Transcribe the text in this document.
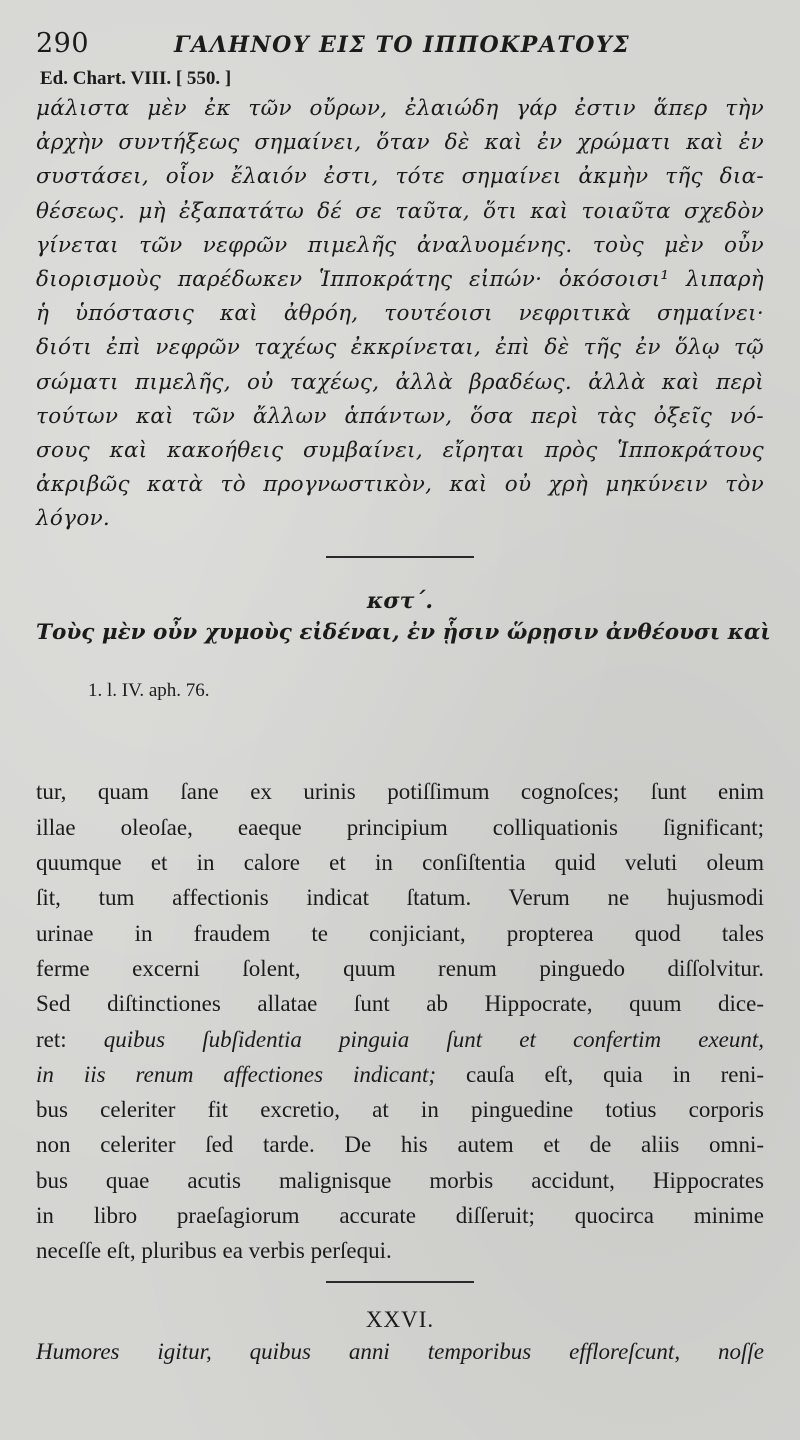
290	ΓΑΛΗΝΟΥ ΕΙΣ ΤΟ ΙΠΠΟΚΡΑΤΟΥΣ
Ed. Chart. VIII. [ 550. ]
μάλιστα μὲν ἐκ τῶν οὔρων, ἐλαιώδη γάρ ἐστιν ἅπερ τὴν
ἀρχὴν συντήξεως σημαίνει, ὅταν δὲ καὶ ἐν χρώματι καὶ ἐν
συστάσει, οἷον ἔλαιόν ἐστι, τότε σημαίνει ἀκμὴν τῆς δια-
θέσεως. μὴ ἐξαπατάτω δέ σε ταῦτα, ὅτι καὶ τοιαῦτα σχεδὸν
γίνεται τῶν νεφρῶν πιμελῆς ἀναλυομένης. τοὺς μὲν οὖν
διορισμοὺς παρέδωκεν Ἱπποκράτης εἰπών· ὁκόσοισι¹ λιπαρὴ
ἡ ὑπόστασις καὶ ἀθρόη, τουτέοισι νεφριτικὰ σημαίνει·
διότι ἐπὶ νεφρῶν ταχέως ἐκκρίνεται, ἐπὶ δὲ τῆς ἐν ὅλῳ τῷ
σώματι πιμελῆς, οὐ ταχέως, ἀλλὰ βραδέως. ἀλλὰ καὶ περὶ
τούτων καὶ τῶν ἄλλων ἁπάντων, ὅσα περὶ τὰς ὀξεῖς νό-
σους καὶ κακοήθεις συμβαίνει, εἴρηται πρὸς Ἱπποκράτους
ἀκριβῶς κατὰ τὸ προγνωστικὸν, καὶ οὐ χρὴ μηκύνειν τὸν
λόγον.
κστ΄.
Τοὺς μὲν οὖν χυμοὺς εἰδέναι, ἐν ᾗσιν ὥρῃσιν ἀνθέουσι καὶ
1. l. IV. aph. 76.
tur, quam ſane ex urinis potiſſimum cognoſces; ſunt enim
illae oleoſae, eaeque principium colliquationis ſignificant;
quumque et in calore et in conſiſtentia quid veluti oleum
ſit, tum affectionis indicat ſtatum. Verum ne hujusmodi
urinae in fraudem te conjiciant, propterea quod tales
ferme excerni ſolent, quum renum pinguedo diſſolvitur.
Sed diſtinctiones allatae ſunt ab Hippocrate, quum dice-
ret: quibus ſubſidentia pinguia ſunt et confertim exeunt,
in iis renum affectiones indicant; cauſa eſt, quia in reni-
bus celeriter fit excretio, at in pinguedine totius corporis
non celeriter ſed tarde. De his autem et de aliis omni-
bus quae acutis malignisque morbis accidunt, Hippocrates
in libro praeſagiorum accurate diſſeruit; quocirca minime
neceſſe eſt, pluribus ea verbis perſequi.
XXVI.
Humores igitur, quibus anni temporibus effloreſcunt, noſſe
